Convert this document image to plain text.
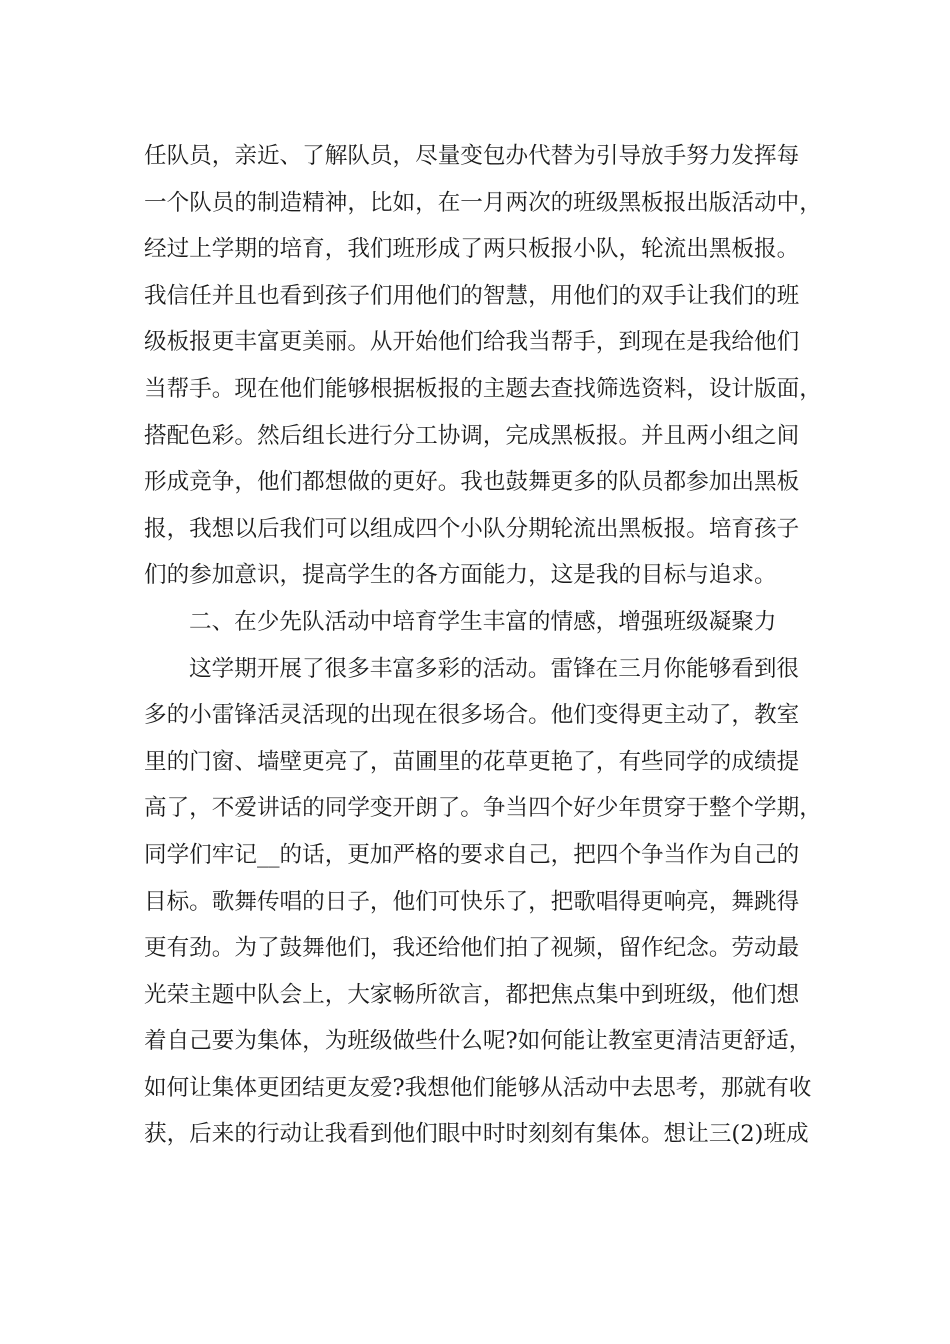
任队员，亲近、了解队员，尽量变包办代替为引导放手努力发挥每
一个队员的制造精神，比如，在一月两次的班级黑板报出版活动中，
经过上学期的培育，我们班形成了两只板报小队，轮流出黑板报。
我信任并且也看到孩子们用他们的智慧，用他们的双手让我们的班
级板报更丰富更美丽。从开始他们给我当帮手，到现在是我给他们
当帮手。现在他们能够根据板报的主题去查找筛选资料，设计版面，
搭配色彩。然后组长进行分工协调，完成黑板报。并且两小组之间
形成竞争，他们都想做的更好。我也鼓舞更多的队员都参加出黑板
报，我想以后我们可以组成四个小队分期轮流出黑板报。培育孩子
们的参加意识，提高学生的各方面能力，这是我的目标与追求。
二、在少先队活动中培育学生丰富的情感，增强班级凝聚力
这学期开展了很多丰富多彩的活动。雷锋在三月你能够看到很
多的小雷锋活灵活现的出现在很多场合。他们变得更主动了，教室
里的门窗、墙壁更亮了，苗圃里的花草更艳了，有些同学的成绩提
高了，不爱讲话的同学变开朗了。争当四个好少年贯穿于整个学期，
同学们牢记__的话，更加严格的要求自己，把四个争当作为自己的
目标。歌舞传唱的日子，他们可快乐了，把歌唱得更响亮，舞跳得
更有劲。为了鼓舞他们，我还给他们拍了视频，留作纪念。劳动最
光荣主题中队会上，大家畅所欲言，都把焦点集中到班级，他们想
着自己要为集体，为班级做些什么呢?如何能让教室更清洁更舒适，
如何让集体更团结更友爱?我想他们能够从活动中去思考，那就有收
获，后来的行动让我看到他们眼中时时刻刻有集体。想让三(2)班成
